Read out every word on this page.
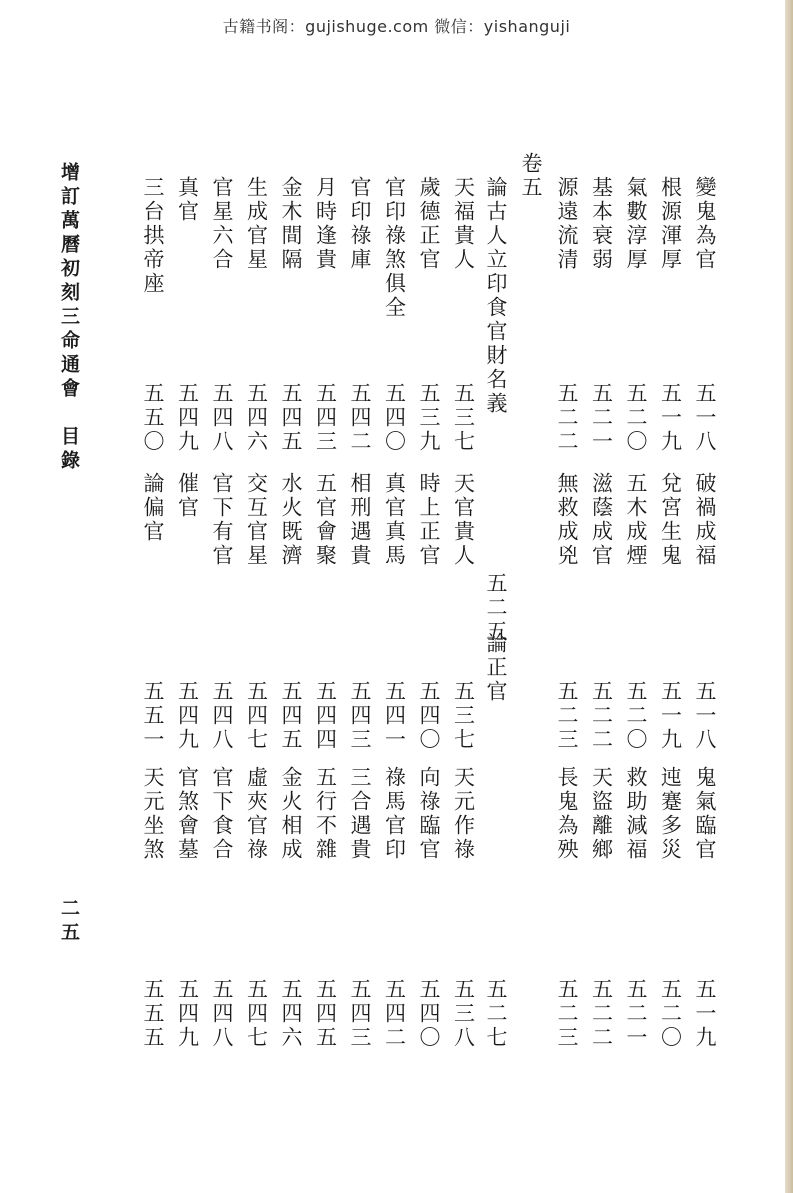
古籍书阁：gujishuge.com 微信：yishanguji
增訂萬曆初刻三命通會　目錄
二五
卷五
論古人立印食官財名義
五二五
論正官
五二七
變鬼為官
五一八
破禍成福
五一八
鬼氣臨官
五一九
根源渾厚
五一九
兌宮生鬼
五一九
迍蹇多災
五二〇
氣數淳厚
五二〇
五木成煙
五二〇
救助減福
五二一
基本衰弱
五二一
滋蔭成官
五二二
天盜離鄉
五二二
源遠流清
五二二
無救成兇
五二三
長鬼為殃
五二三
天福貴人
五三七
天官貴人
五三七
天元作祿
五三八
歲德正官
五三九
時上正官
五四〇
向祿臨官
五四〇
官印祿煞俱全
五四〇
真官真馬
五四一
祿馬官印
五四二
官印祿庫
五四二
相刑遇貴
五四三
三合遇貴
五四三
月時逢貴
五四三
五官會聚
五四四
五行不雜
五四五
金木間隔
五四五
水火既濟
五四五
金火相成
五四六
生成官星
五四六
交互官星
五四七
虛夾官祿
五四七
官星六合
五四八
官下有官
五四八
官下食合
五四八
真官
五四九
催官
五四九
官煞會墓
五四九
三台拱帝座
五五〇
論偏官
五五一
天元坐煞
五五五
